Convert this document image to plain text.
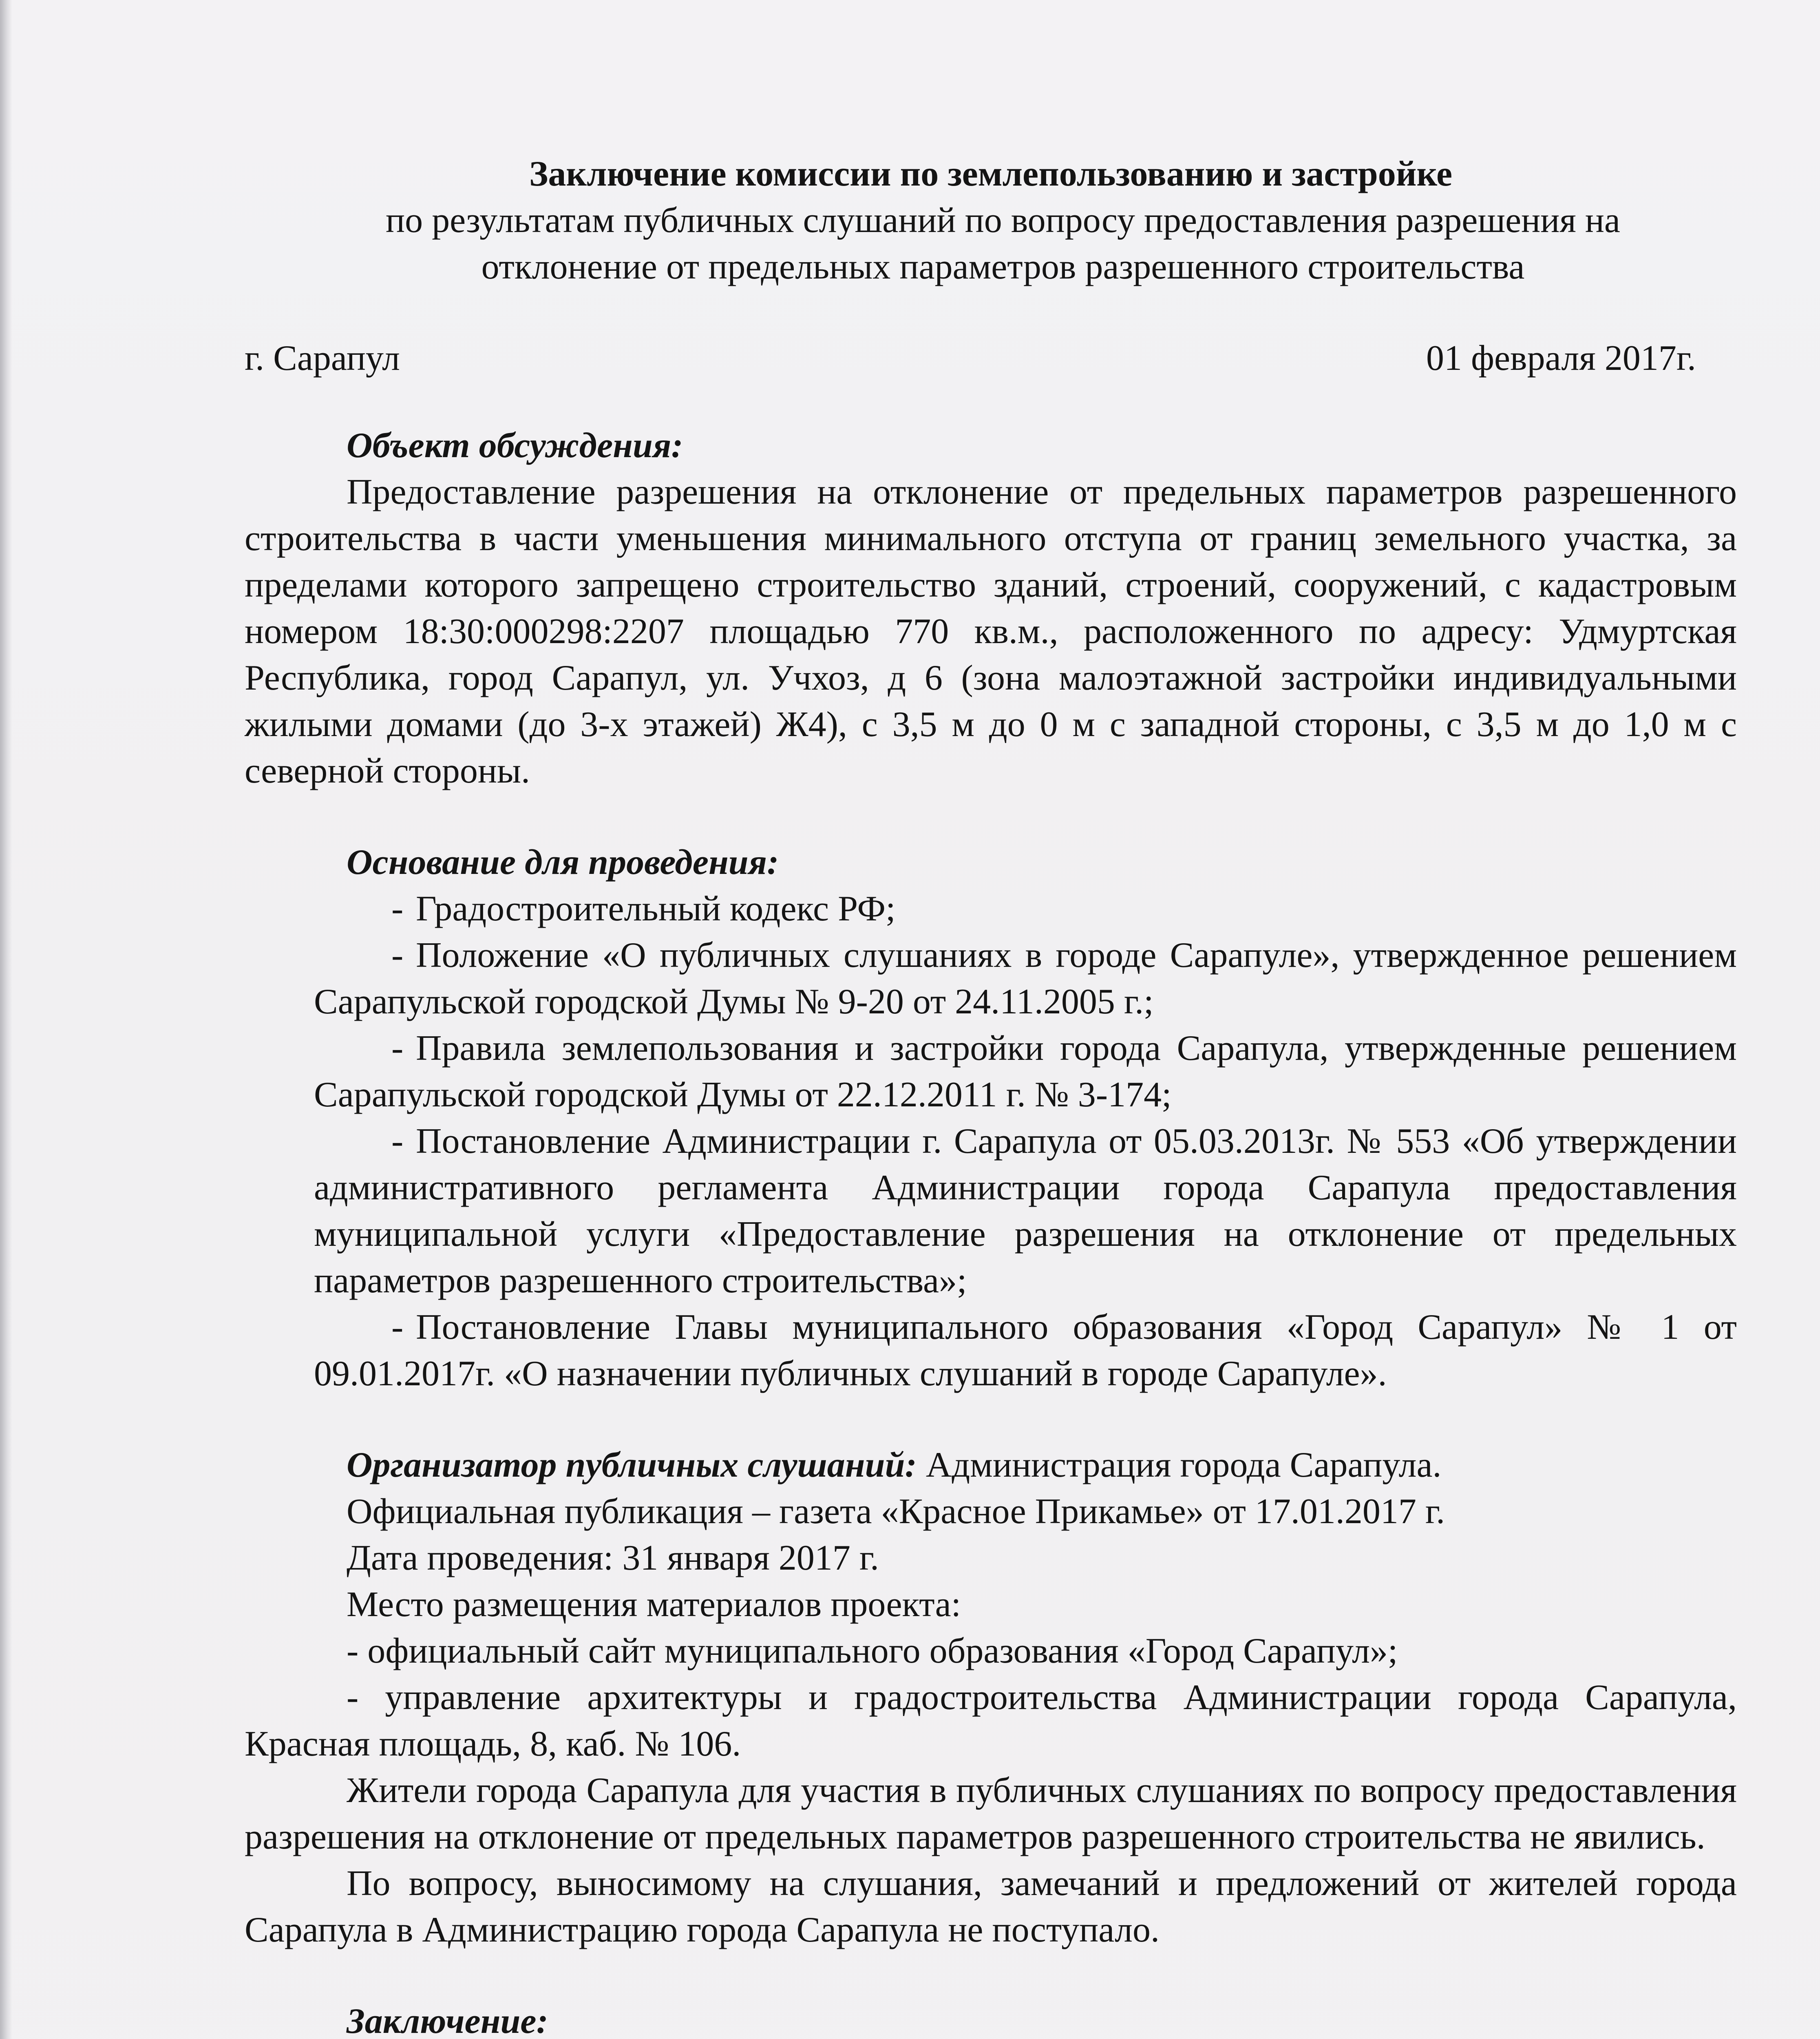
Заключение комиссии по землепользованию и застройке

по результатам публичных слушаний по вопросу предоставления разрешения на отклонение от предельных параметров разрешенного строительства

г. Сарапул	01 февраля 2017г.

Объект обсуждения:

Предоставление разрешения на отклонение от предельных параметров разрешенного строительства в части уменьшения минимального отступа от границ земельного участка, за пределами которого запрещено строительство зданий, строений, сооружений, с кадастровым номером 18:30:000298:2207 площадью 770 кв.м., расположенного по адресу: Удмуртская Республика, город Сарапул, ул. Учхоз, д 6 (зона малоэтажной застройки индивидуальными жилыми домами (до 3-х этажей) Ж4), с 3,5 м до 0 м с западной стороны, с 3,5 м до 1,0 м с северной стороны.

Основание для проведения:

- Градостроительный кодекс РФ;
- Положение «О публичных слушаниях в городе Сарапуле», утвержденное решением Сарапульской городской Думы № 9-20 от 24.11.2005 г.;
- Правила землепользования и застройки города Сарапула, утвержденные решением Сарапульской городской Думы от 22.12.2011 г. № 3-174;
- Постановление Администрации г. Сарапула от 05.03.2013г. № 553 «Об утверждении административного регламента Администрации города Сарапула предоставления муниципальной услуги «Предоставление разрешения на отклонение от предельных параметров разрешенного строительства»;
- Постановление Главы муниципального образования «Город Сарапул» № 1 от 09.01.2017г. «О назначении публичных слушаний в городе Сарапуле».

Организатор публичных слушаний: Администрация города Сарапула.

Официальная публикация – газета «Красное Прикамье» от 17.01.2017 г.

Дата проведения: 31 января 2017 г.

Место размещения материалов проекта:

- официальный сайт муниципального образования «Город Сарапул»;

- управление архитектуры и градостроительства Администрации города Сарапула, Красная площадь, 8, каб. № 106.

Жители города Сарапула для участия в публичных слушаниях по вопросу предоставления разрешения на отклонение от предельных параметров разрешенного строительства не явились.

По вопросу, выносимому на слушания, замечаний и предложений от жителей города Сарапула в Администрацию города Сарапула не поступало.

Заключение:
